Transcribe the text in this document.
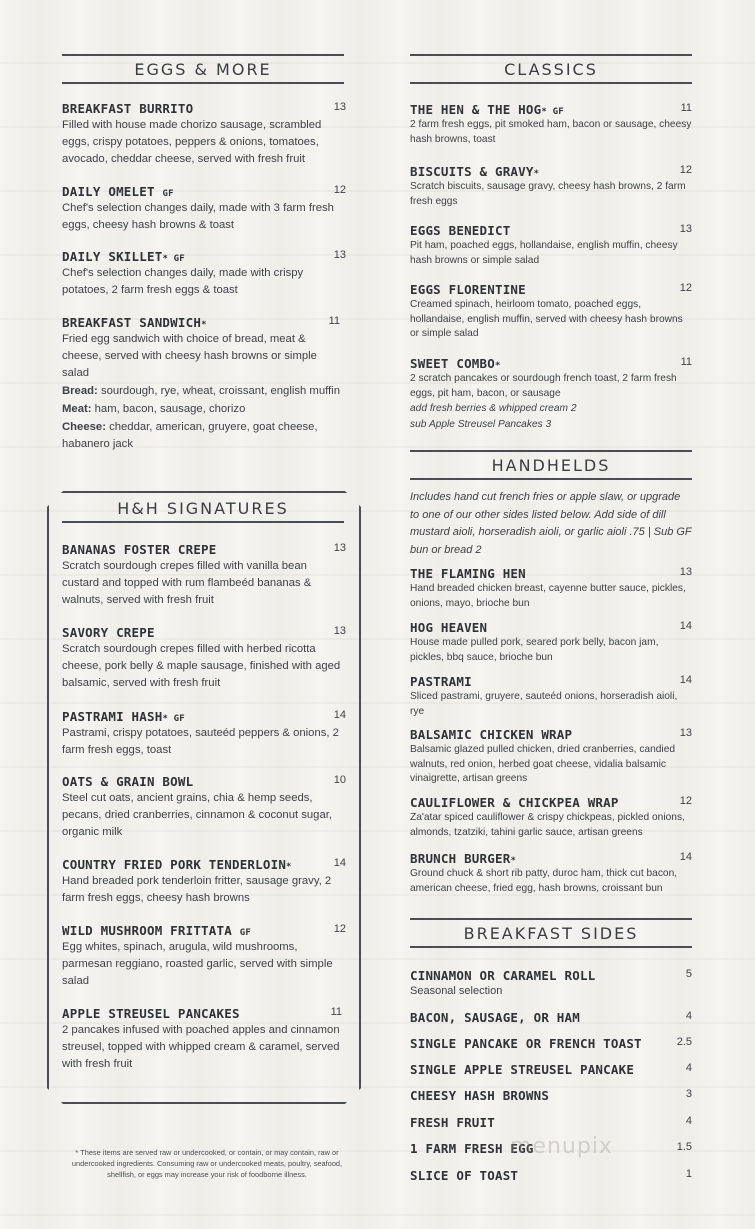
EGGS & MORE
BREAKFAST BURRITO	13
Filled with house made chorizo sausage, scrambled eggs, crispy potatoes, peppers & onions, tomatoes, avocado, cheddar cheese, served with fresh fruit
DAILY OMELET GF	12
Chef's selection changes daily, made with 3 farm fresh eggs, cheesy hash browns & toast
DAILY SKILLET* GF	13
Chef's selection changes daily, made with crispy potatoes, 2 farm fresh eggs & toast
BREAKFAST SANDWICH*	11
Fried egg sandwich with choice of bread, meat & cheese, served with cheesy hash browns or simple salad
Bread: sourdough, rye, wheat, croissant, english muffin
Meat: ham, bacon, sausage, chorizo
Cheese: cheddar, american, gruyere, goat cheese, habanero jack
H&H SIGNATURES
BANANAS FOSTER CREPE	13
Scratch sourdough crepes filled with vanilla bean custard and topped with rum flambeéd bananas & walnuts, served with fresh fruit
SAVORY CREPE	13
Scratch sourdough crepes filled with herbed ricotta cheese, pork belly & maple sausage, finished with aged balsamic, served with fresh fruit
PASTRAMI HASH* GF	14
Pastrami, crispy potatoes, sauteéd peppers & onions, 2 farm fresh eggs, toast
OATS & GRAIN BOWL	10
Steel cut oats, ancient grains, chia & hemp seeds, pecans, dried cranberries, cinnamon & coconut sugar, organic milk
COUNTRY FRIED PORK TENDERLOIN*	14
Hand breaded pork tenderloin fritter, sausage gravy, 2 farm fresh eggs, cheesy hash browns
WILD MUSHROOM FRITTATA GF	12
Egg whites, spinach, arugula, wild mushrooms, parmesan reggiano, roasted garlic, served with simple salad
APPLE STREUSEL PANCAKES	11
2 pancakes infused with poached apples and cinnamon streusel, topped with whipped cream & caramel, served with fresh fruit
* These items are served raw or undercooked, or contain, or may contain, raw or undercooked ingredients. Consuming raw or undercooked meats, poultry, seafood, shellfish, or eggs may increase your risk of foodborne illness.
CLASSICS
THE HEN & THE HOG* GF	11
2 farm fresh eggs, pit smoked ham, bacon or sausage, cheesy hash browns, toast
BISCUITS & GRAVY*	12
Scratch biscuits, sausage gravy, cheesy hash browns, 2 farm fresh eggs
EGGS BENEDICT	13
Pit ham, poached eggs, hollandaise, english muffin, cheesy hash browns or simple salad
EGGS FLORENTINE	12
Creamed spinach, heirloom tomato, poached eggs, hollandaise, english muffin, served with cheesy hash browns or simple salad
SWEET COMBO*	11
2 scratch pancakes or sourdough french toast, 2 farm fresh eggs, pit ham, bacon, or sausage
add fresh berries & whipped cream 2
sub Apple Streusel Pancakes 3
HANDHELDS
Includes hand cut french fries or apple slaw, or upgrade to one of our other sides listed below. Add side of dill mustard aioli, horseradish aioli, or garlic aioli .75 | Sub GF bun or bread 2
THE FLAMING HEN	13
Hand breaded chicken breast, cayenne butter sauce, pickles, onions, mayo, brioche bun
HOG HEAVEN	14
House made pulled pork, seared pork belly, bacon jam, pickles, bbq sauce, brioche bun
PASTRAMI	14
Sliced pastrami, gruyere, sauteéd onions, horseradish aioli, rye
BALSAMIC CHICKEN WRAP	13
Balsamic glazed pulled chicken, dried cranberries, candied walnuts, red onion, herbed goat cheese, vidalia balsamic vinaigrette, artisan greens
CAULIFLOWER & CHICKPEA WRAP	12
Za'atar spiced cauliflower & crispy chickpeas, pickled onions, almonds, tzatziki, tahini garlic sauce, artisan greens
BRUNCH BURGER*	14
Ground chuck & short rib patty, duroc ham, thick cut bacon, american cheese, fried egg, hash browns, croissant bun
BREAKFAST SIDES
CINNAMON OR CARAMEL ROLL	5
Seasonal selection
BACON, SAUSAGE, OR HAM	4
SINGLE PANCAKE OR FRENCH TOAST	2.5
SINGLE APPLE STREUSEL PANCAKE	4
CHEESY HASH BROWNS	3
FRESH FRUIT	4
1 FARM FRESH EGG	1.5
SLICE OF TOAST	1
menupix
